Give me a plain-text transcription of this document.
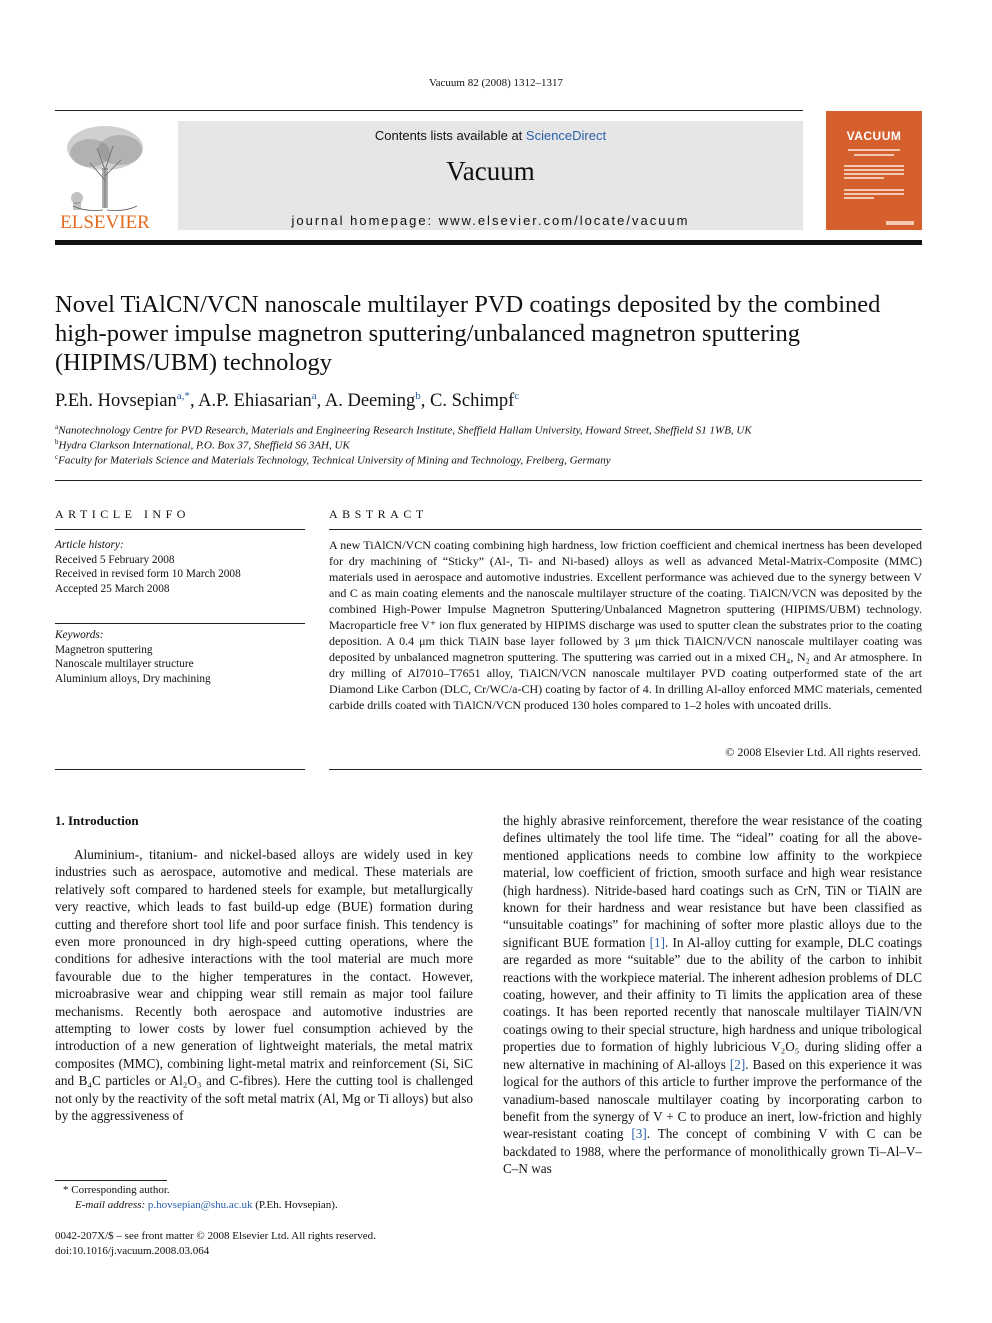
Vacuum 82 (2008) 1312–1317
ELSEVIER
Contents lists available at ScienceDirect
Vacuum
journal homepage: www.elsevier.com/locate/vacuum
VACUUM
Novel TiAlCN/VCN nanoscale multilayer PVD coatings deposited by the combined high-power impulse magnetron sputtering/unbalanced magnetron sputtering (HIPIMS/UBM) technology
P.Eh. Hovsepian$^{a,*}$, A.P. Ehiasarian$^a$, A. Deeming$^b$, C. Schimpf$^c$
$^a$Nanotechnology Centre for PVD Research, Materials and Engineering Research Institute, Sheffield Hallam University, Howard Street, Sheffield S1 1WB, UK
$^b$Hydra Clarkson International, P.O. Box 37, Sheffield S6 3AH, UK
$^c$Faculty for Materials Science and Materials Technology, Technical University of Mining and Technology, Freiberg, Germany
ARTICLE INFO
Article history:
Received 5 February 2008
Received in revised form 10 March 2008
Accepted 25 March 2008
Keywords:
Magnetron sputtering
Nanoscale multilayer structure
Aluminium alloys, Dry machining
ABSTRACT
A new TiAlCN/VCN coating combining high hardness, low friction coefficient and chemical inertness has been developed for dry machining of “Sticky” (Al-, Ti- and Ni-based) alloys as well as advanced Metal-Matrix-Composite (MMC) materials used in aerospace and automotive industries. Excellent performance was achieved due to the synergy between V and C as main coating elements and the nanoscale multilayer structure of the coating. TiAlCN/VCN was deposited by the combined High-Power Impulse Magnetron Sputtering/Unbalanced Magnetron sputtering (HIPIMS/UBM) technology. Macroparticle free V⁺ ion flux generated by HIPIMS discharge was used to sputter clean the substrates prior to the coating deposition. A 0.4 μm thick TiAlN base layer followed by 3 μm thick TiAlCN/VCN nanoscale multilayer coating was deposited by unbalanced magnetron sputtering. The sputtering was carried out in a mixed CH₄, N₂ and Ar atmosphere. In dry milling of Al7010–T7651 alloy, TiAlCN/VCN nanoscale multilayer PVD coating outperformed state of the art Diamond Like Carbon (DLC, Cr/WC/a-CH) coating by factor of 4. In drilling Al-alloy enforced MMC materials, cemented carbide drills coated with TiAlCN/VCN produced 130 holes compared to 1–2 holes with uncoated drills.
© 2008 Elsevier Ltd. All rights reserved.
1. Introduction

Aluminium-, titanium- and nickel-based alloys are widely used in key industries such as aerospace, automotive and medical. These materials are relatively soft compared to hardened steels for example, but metallurgically very reactive, which leads to fast build-up edge (BUE) formation during cutting and therefore short tool life and poor surface finish. This tendency is even more pronounced in dry high-speed cutting operations, where the conditions for adhesive interactions with the tool material are much more favourable due to the higher temperatures in the contact. However, microabrasive wear and chipping wear still remain as major tool failure mechanisms. Recently both aerospace and automotive industries are attempting to lower costs by lower fuel consumption achieved by the introduction of a new generation of lightweight materials, the metal matrix composites (MMC), combining light-metal matrix and reinforcement (Si, SiC and B₄C particles or Al₂O₃ and C-fibres). Here the cutting tool is challenged not only by the reactivity of the soft metal matrix (Al, Mg or Ti alloys) but also by the aggressiveness of

the highly abrasive reinforcement, therefore the wear resistance of the coating defines ultimately the tool life time. The “ideal” coating for all the above-mentioned applications needs to combine low affinity to the workpiece material, low coefficient of friction, smooth surface and high wear resistance (high hardness). Nitride-based hard coatings such as CrN, TiN or TiAlN are known for their hardness and wear resistance but have been classified as “unsuitable coatings” for machining of softer more plastic alloys due to the significant BUE formation [1]. In Al-alloy cutting for example, DLC coatings are regarded as more “suitable” due to the ability of the carbon to inhibit reactions with the workpiece material. The inherent adhesion problems of DLC coating, however, and their affinity to Ti limits the application area of these coatings. It has been reported recently that nanoscale multilayer TiAlN/VN coatings owing to their special structure, high hardness and unique tribological properties due to formation of highly lubricious V₂O₅ during sliding offer a new alternative in machining of Al-alloys [2]. Based on this experience it was logical for the authors of this article to further improve the performance of the vanadium-based nanoscale multilayer coating by incorporating carbon to benefit from the synergy of V + C to produce an inert, low-friction and highly wear-resistant coating [3]. The concept of combining V with C can be backdated to 1988, where the performance of monolithically grown Ti–Al–V–C–N was

* Corresponding author.
E-mail address: p.hovsepian@shu.ac.uk (P.Eh. Hovsepian).
0042-207X/$ – see front matter © 2008 Elsevier Ltd. All rights reserved.
doi:10.1016/j.vacuum.2008.03.064
